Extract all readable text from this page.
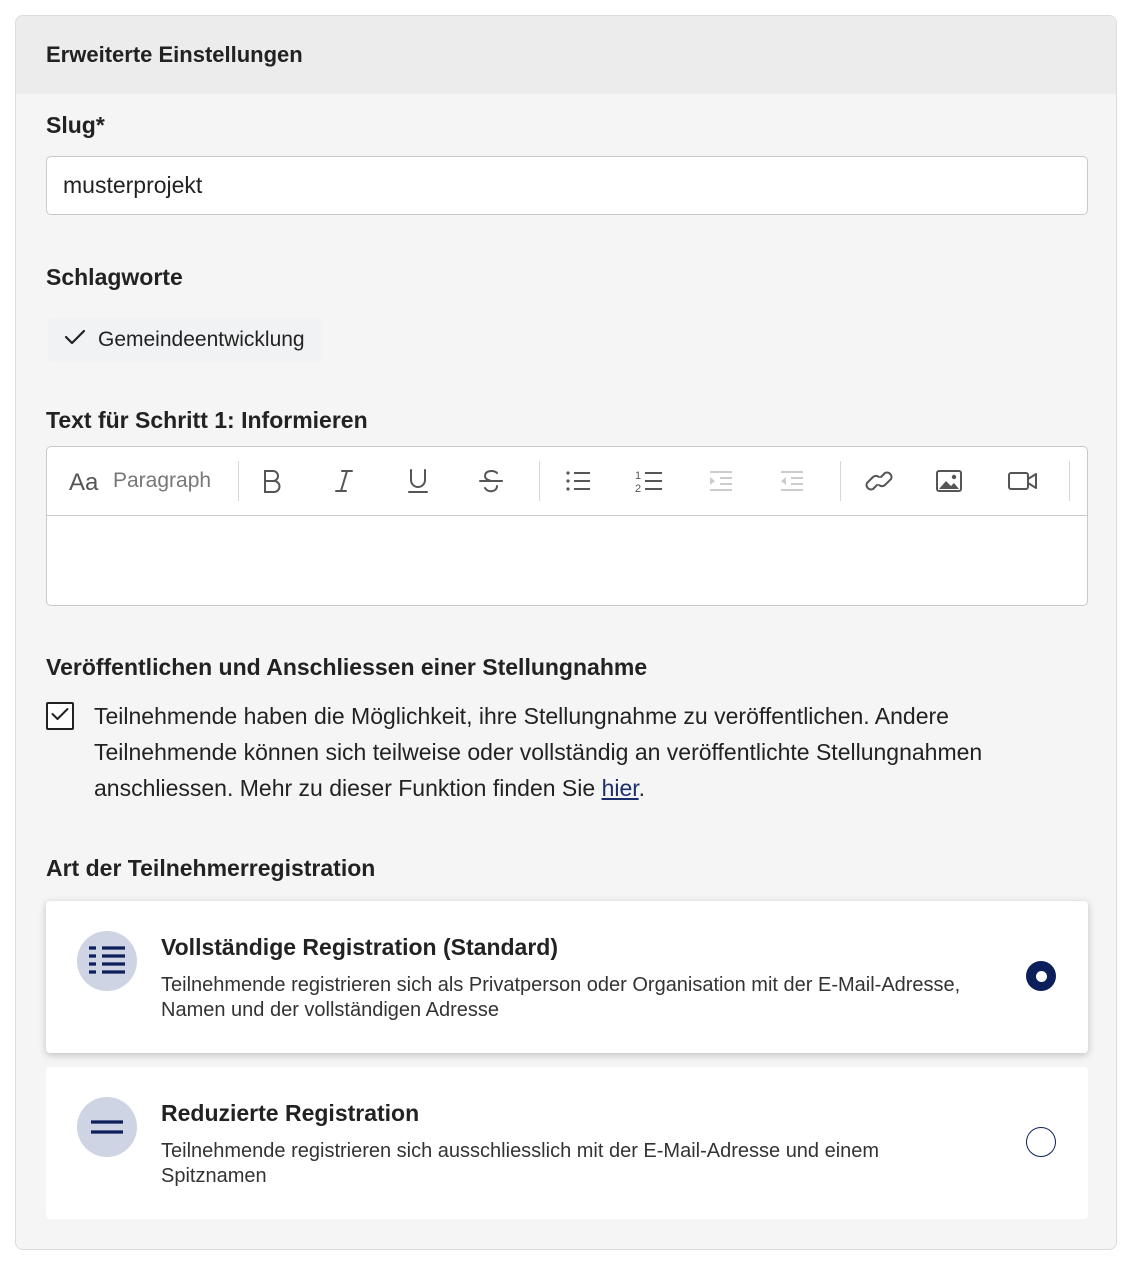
Erweiterte Einstellungen
Slug*
musterprojekt
Schlagworte
Gemeindeentwicklung
Text für Schritt 1: Informieren
Aa Paragraph	1
2
Veröffentlichen und Anschliessen einer Stellungnahme
Teilnehmende haben die Möglichkeit, ihre Stellungnahme zu veröffentlichen. Andere Teilnehmende können sich teilweise oder vollständig an veröffentlichte Stellungnahmen anschliessen. Mehr zu dieser Funktion finden Sie hier.
Art der Teilnehmerregistration
Vollständige Registration (Standard)
Teilnehmende registrieren sich als Privatperson oder Organisation mit der E-Mail-Adresse, Namen und der vollständigen Adresse
Reduzierte Registration
Teilnehmende registrieren sich ausschliesslich mit der E-Mail-Adresse und einem Spitznamen
